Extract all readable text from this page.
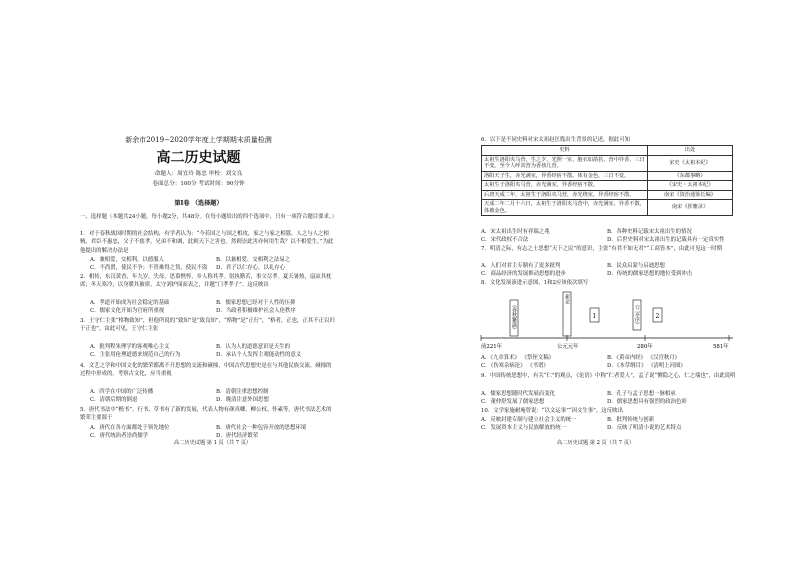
新余市2019−2020学年度上学期期末质量检测
高二历史试题
命题人：周宜玲 陈忠 审校：刘文良
卷面总分：100分 考试时间：90分钟
第Ⅰ卷 （选择题）
一、选择题（本题共24小题，每小题2分，共48分。在每小题给出的四个选项中，只有一项符合题目要求。）
1．对于春秋战国时期的社会结构，有学者认为：“今若国之与国之相攻，家之与家之相篡，人之与人之相贼，君臣不惠忠，父子不慈孝，兄弟不和调，此则天下之害也。然则崇此害亦何用生哉？以不相爱生。”为此他提出的解决办法是
A．兼相爱，交相利，以德服人	B．以兼相爱、交相利之法易之
C．不尚贤，使民不争；不贵难得之货，使民不盗 D．君子以仁存心，以礼存心
2．相传，东汉黄香，年九岁，失母，思慕憔悴，乡人称其孝。躬执勤苦，事父尽孝。夏天暑热，扇凉其枕席；冬天寒冷，以身暖其被席。太守刘护闻而表之，并题“门孝孝子”。这反映出
A．孝道开始成为社会稳定的基础	B．儒家思想已经对于人性的压抑
C．儒家文化开始为官府所重视	D．当政者积极维护社会人伦秩序
3．王守仁主张“格物致知”，但他所说的“致知”是“致良知”，“格物”是“正行”，“格者，正也，正其不正以归于正也”。由此可见，王守仁主张
A．批判程朱理学的客观唯心主义	B．认为人的道德意识是天生的
C．主张用伦理道德来规范自己的行为	D．承认个人发挥主观能动性的意义
4．文艺之学和中国文化的繁荣都离不开思想的交流和碰撞，中国古代思想史是在与其他民族交流、碰撞的过程中形成的。考察古文化，应当重视
A．四学在中国的广泛传播	B．清朝注重思想控制
C．清朝后期的倒退	D．晚清注意外国思想
5．唐代书法中“楷书”，行书、草书有了新的发展，代表人物有颜真卿、柳公权、怀素等。唐代书法艺术的繁荣主要源于
A．唐代在各方面都处于领先地位	B．唐代社会一种包容开放的思想环境
C．唐代统治者崇尚儒学	D．唐代经济繁荣
高二历史试题 第 1 页（共 7 页）
6．以下是不同史料对宋太祖赵匡胤出生背景的记述，据此可知
史料	出处
太祖生洛阳夹马营，生之夕，光照一室，胞衣如菡萏，营中异香，三日不变。至今人呼其营为香孩儿营。	宋史《太祖本纪》
洛阳天子生，赤光满室，异香经宿不散。体有金色，三日不变。	《东都事略》
太祖生于洛阳夹马营。赤光满室，异香经宿不散。	《宋史・太祖本纪》
后唐天成二年，太祖生于洛阳夹马营，赤光绕室，异香经宿不散。	南宋《资治通鉴长编》
天成二年二月十六日，太祖生于洛阳夹马营中，赤光满室，异香不散，体被金色。	南宋《挥麈录》
A．宋太祖出生时有祥瑞之兆	B．各种史料记载宋太祖出生的情况
C．宋代政权不合法	D．后世史料对宋太祖出生的记载具有一定真实性
7．明清之际，有志之士思想“天下之民”的意识，主张“有君不如无君”“工商皆本”，由此可见这一时期
A．人们对君主专制有了更多批判	B．民众启蒙与启迪思想
C．商品经济的发展推动思想的进步	D．传统的儒家思想的地位受到冲击
8．文化发展演进示意图，1和2应该依次填写
前221年	公元元年	280年	581年
《春秋繁露》
新论
1	《兰亭序》	2
A．《九章算术》 《祭侄文稿》	B．《黄帝内经》 《汉宫秋月》
C．《伤寒杂病论》 《书谱》	D．《本草纲目》 《清明上河图》
9．中国传统思想中，有关“仁”的观点，《论语》中称“仁者爱人”，孟子说“恻隐之心，仁之端也”，由此说明
A．儒家思想随时代发展而变化	B．孔子与孟子思想一脉相承
C．董仲舒发展了儒家思想	D．儒家思想具有强烈的政治色彩
10．文学家施耐庵曾说：“以文运事”“因文生事”。这反映出
A．反映封建专制与建立社会主义的统一	B．批判传统与创新
C．发展资本主义与民族解放的统一	D．反映了明清小说的艺术特点
高二历史试题 第 2 页（共 7 页）
